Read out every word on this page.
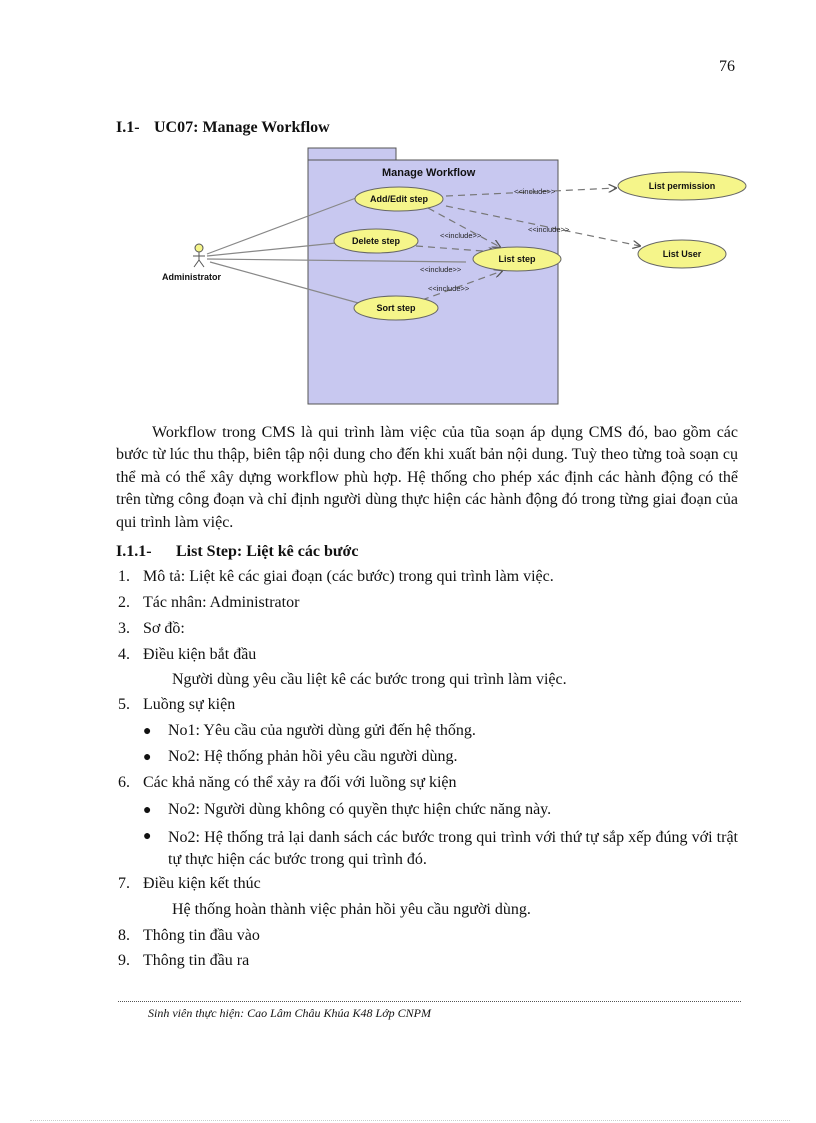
76
I.1- UC07: Manage Workflow
Manage Workflow
Administrator
<<include>>
<<include>>
<<include>>
<<include>>
<<include>>
Add/Edit step
Delete step
List step
Sort step
List permission
List User
Workflow trong CMS là qui trình làm việc của tũa soạn áp dụng CMS đó, bao gồm các bước từ lúc thu thập, biên tập nội dung cho đến khi xuất bản nội dung. Tuỳ theo từng toà soạn cụ thể mà có thể xây dựng workflow phù hợp. Hệ thống cho phép xác định các hành động có thể trên từng công đoạn và chỉ định người dùng thực hiện các hành động đó trong từng giai đoạn của qui trình làm việc.
I.1.1- List Step: Liệt kê các bước
1. Mô tả: Liệt kê các giai đoạn (các bước) trong qui trình làm việc.
2. Tác nhân: Administrator
3. Sơ đồ:
4. Điều kiện bắt đầu
Người dùng yêu cầu liệt kê các bước trong qui trình làm việc.
5. Luồng sự kiện
● No1: Yêu cầu của người dùng gửi đến hệ thống.
● No2: Hệ thống phản hồi yêu cầu người dùng.
6. Các khả năng có thể xảy ra đối với luồng sự kiện
● No2: Người dùng không có quyền thực hiện chức năng này.
● No2: Hệ thống trả lại danh sách các bước trong qui trình với thứ tự sắp xếp đúng với trật tự thực hiện các bước trong qui trình đó.
7. Điều kiện kết thúc
Hệ thống hoàn thành việc phản hồi yêu cầu người dùng.
8. Thông tin đầu vào
9. Thông tin đầu ra
Sinh viên thực hiện: Cao Lâm Châu Khúa K48 Lớp CNPM
